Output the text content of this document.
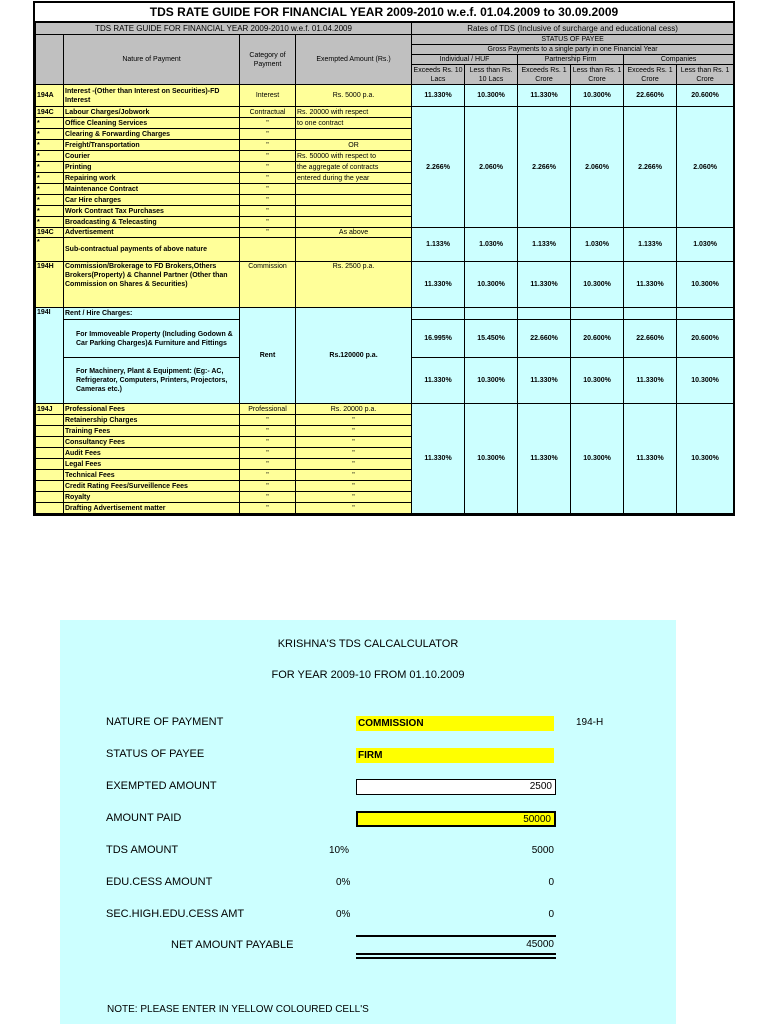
TDS RATE GUIDE FOR FINANCIAL YEAR 2009-2010 w.e.f. 01.04.2009 to 30.09.2009
TDS RATE GUIDE FOR FINANCIAL YEAR 2009-2010 w.e.f. 01.04.2009				Rates of TDS (Inclusive of surcharge and educational cess)					
	Nature of Payment	Category of Payment	Exempted Amount (Rs.)	STATUS OF PAYEE					
				Gross Payments to a single party in one Financial Year					
				Individual / HUF		Partnership Firm		Companies	
				Exceeds Rs. 10 Lacs	Less than Rs. 10 Lacs	Exceeds Rs. 1 Crore	Less than Rs. 1 Crore	Exceeds Rs. 1 Crore	Less than Rs. 1 Crore
194A	Interest -(Other than Interest on Securities)-FD Interest	Interest	Rs. 5000 p.a.	11.330%	10.300%	11.330%	10.300%	22.660%	20.600%
194C	Labour Charges/Jobwork	Contractual	Rs. 20000 with respect	2.266%	2.060%	2.266%	2.060%	2.266%	2.060%
*	Office Cleaning Services	"	to one contract						
*	Clearing & Forwarding Charges	"							
*	Freight/Transportation	"	OR						
*	Courier	"	Rs. 50000 with respect to						
*	Printing	"	the aggregate of contracts						
*	Repairing work	"	entered during the year						
*	Maintenance Contract	"							
*	Car Hire charges	"							
*	Work Contract Tax Purchases	"							
*	Broadcasting & Telecasting	"							
194C	Advertisement	"	As above	1.133%	1.030%	1.133%	1.030%	1.133%	1.030%
*	Sub-contractual payments of above nature								
194H	Commission/Brokerage to FD Brokers,Others Brokers(Property) & Channel Partner (Other than Commission on Shares & Securities)	Commission	Rs. 2500 p.a.	11.330%	10.300%	11.330%	10.300%	11.330%	10.300%
194I	Rent / Hire Charges:	Rent	Rs.120000 p.a.						
	For Immoveable Property (Including Godown & Car Parking Charges)& Furniture and Fittings			16.995%	15.450%	22.660%	20.600%	22.660%	20.600%
	For Machinery, Plant & Equipment: (Eg:- AC, Refrigerator, Computers, Printers, Projectors, Cameras etc.)			11.330%	10.300%	11.330%	10.300%	11.330%	10.300%
194J	Professional Fees	Professional	Rs. 20000 p.a.	11.330%	10.300%	11.330%	10.300%	11.330%	10.300%
	Retainership Charges	"	"						
	Training Fees	"	"						
	Consultancy Fees	"	"						
	Audit Fees	"	"						
	Legal Fees	"	"						
	Technical Fees	"	"						
	Credit Rating Fees/Surveillence Fees	"	"						
	Royalty	"	"						
	Drafting Advertisement matter	"	"						
KRISHNA'S TDS CALCALCULATOR
FOR YEAR 2009-10 FROM 01.10.2009
NATURE OF PAYMENT	COMMISSION	194-H
STATUS OF PAYEE	FIRM
EXEMPTED AMOUNT	2500
AMOUNT PAID	50000
TDS AMOUNT	10%	5000
EDU.CESS AMOUNT	0%	0
SEC.HIGH.EDU.CESS AMT	0%	0
NET AMOUNT PAYABLE	45000
NOTE: PLEASE ENTER IN YELLOW COLOURED CELL'S
